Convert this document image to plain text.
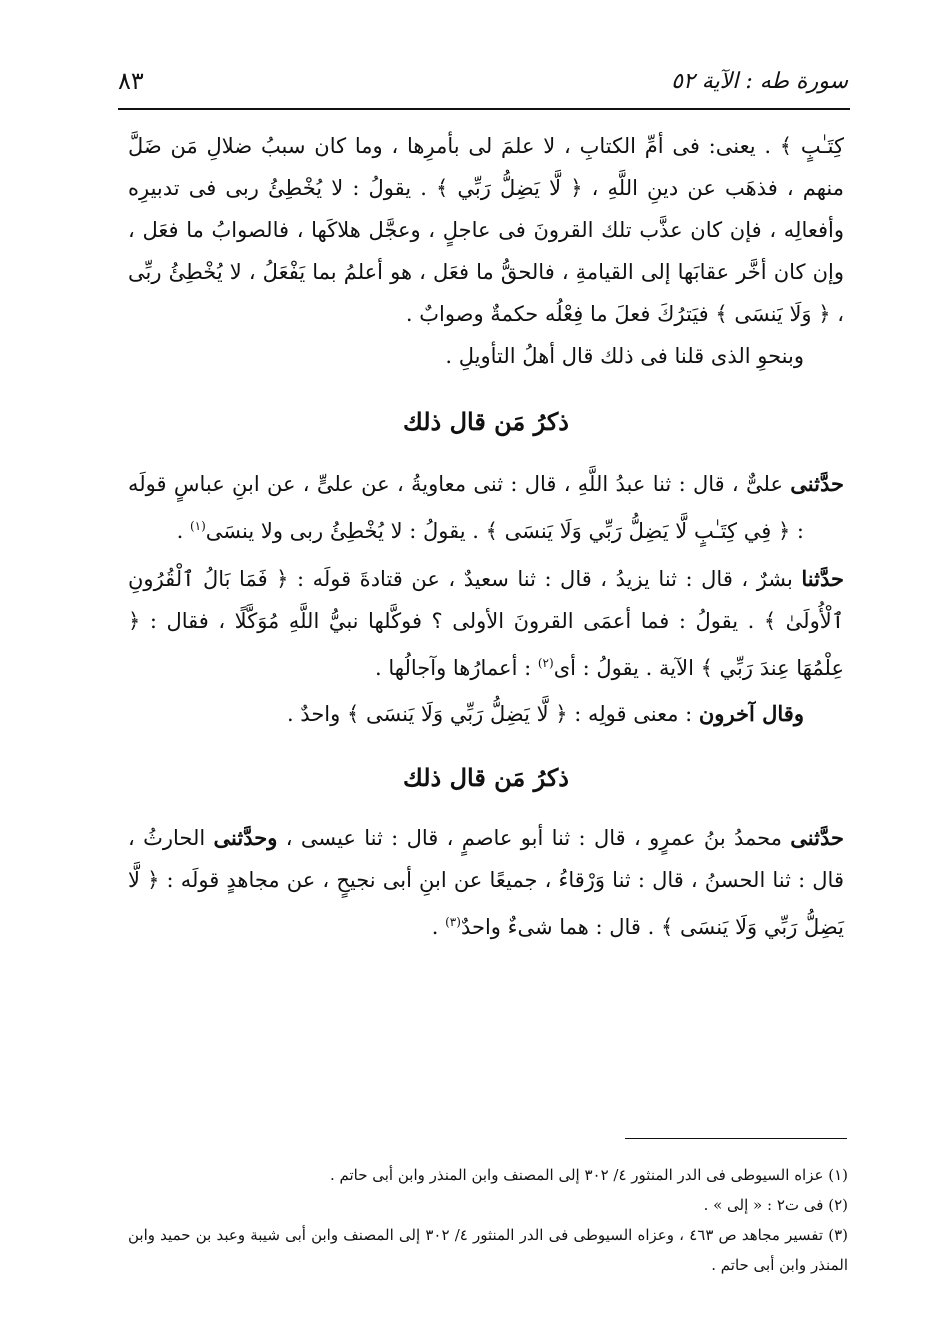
سورة طه : الآية ٥٢
٨٣

كِتَـٰبٍ ﴾ . يعنى: فى أمِّ الكتابِ ، لا علمَ لى بأمرِها ، وما كان سببُ ضلالِ مَن ضَلَّ منهم ، فذهَب عن دينِ اللَّهِ ، ﴿ لَّا يَضِلُّ رَبِّي ﴾ . يقولُ : لا يُخْطِئُ ربى فى تدبيرِه وأفعالِه ، فإن كان عذَّب تلك القرونَ فى عاجلٍ ، وعجَّل هلاكَها ، فالصوابُ ما فعَل ، وإن كان أخَّر عقابَها إلى القيامةِ ، فالحقُّ ما فعَل ، هو أعلمُ بما يَفْعَلُ ، لا يُخْطِئُ ربِّى ، ﴿ وَلَا يَنسَى ﴾ فيَترُكَ فعلَ ما فِعْلُه حكمةٌ وصوابٌ .

وبنحوِ الذى قلنا فى ذلك قال أهلُ التأويلِ .

ذكرُ مَن قال ذلك

حدَّثنى علىٌّ ، قال : ثنا عبدُ اللَّهِ ، قال : ثنى معاويةُ ، عن علىٍّ ، عن ابنِ عباسٍ قولَه : ﴿ فِي كِتَـٰبٍ لَّا يَضِلُّ رَبِّي وَلَا يَنسَى ﴾ . يقولُ : لا يُخْطِئُ ربى ولا ينسَى$^{(١)}$ .

حدَّثنا بشرٌ ، قال : ثنا يزيدُ ، قال : ثنا سعيدٌ ، عن قتادةَ قولَه : ﴿ فَمَا بَالُ ٱلْقُرُونِ ٱلْأُولَىٰ ﴾ . يقولُ : فما أعمَى القرونَ الأولى ؟ فوكَّلها نبيُّ اللَّهِ مُوَكَّلًا ، فقال : ﴿ عِلْمُهَا عِندَ رَبِّي ﴾ الآية . يقولُ : أى$^{(٢)}$ : أعمارُها وآجالُها .

وقال آخرون : معنى قولِه : ﴿ لَّا يَضِلُّ رَبِّي وَلَا يَنسَى ﴾ واحدٌ .

ذكرُ مَن قال ذلك

حدَّثنى محمدُ بنُ عمرٍو ، قال : ثنا أبو عاصمٍ ، قال : ثنا عيسى ، وحدَّثنى الحارثُ ، قال : ثنا الحسنُ ، قال : ثنا وَرْقاءُ ، جميعًا عن ابنِ أبى نجيحٍ ، عن مجاهدٍ قولَه : ﴿ لَّا يَضِلُّ رَبِّي وَلَا يَنسَى ﴾ . قال : هما شىءٌ واحدٌ$^{(٣)}$ .

(١) عزاه السيوطى فى الدر المنثور ٤/ ٣٠٢ إلى المصنف وابن المنذر وابن أبى حاتم .

(٢) فى ت٢ : « إلى » .

(٣) تفسير مجاهد ص ٤٦٣ ، وعزاه السيوطى فى الدر المنثور ٤/ ٣٠٢ إلى المصنف وابن أبى شيبة وعبد بن حميد وابن المنذر وابن أبى حاتم .
